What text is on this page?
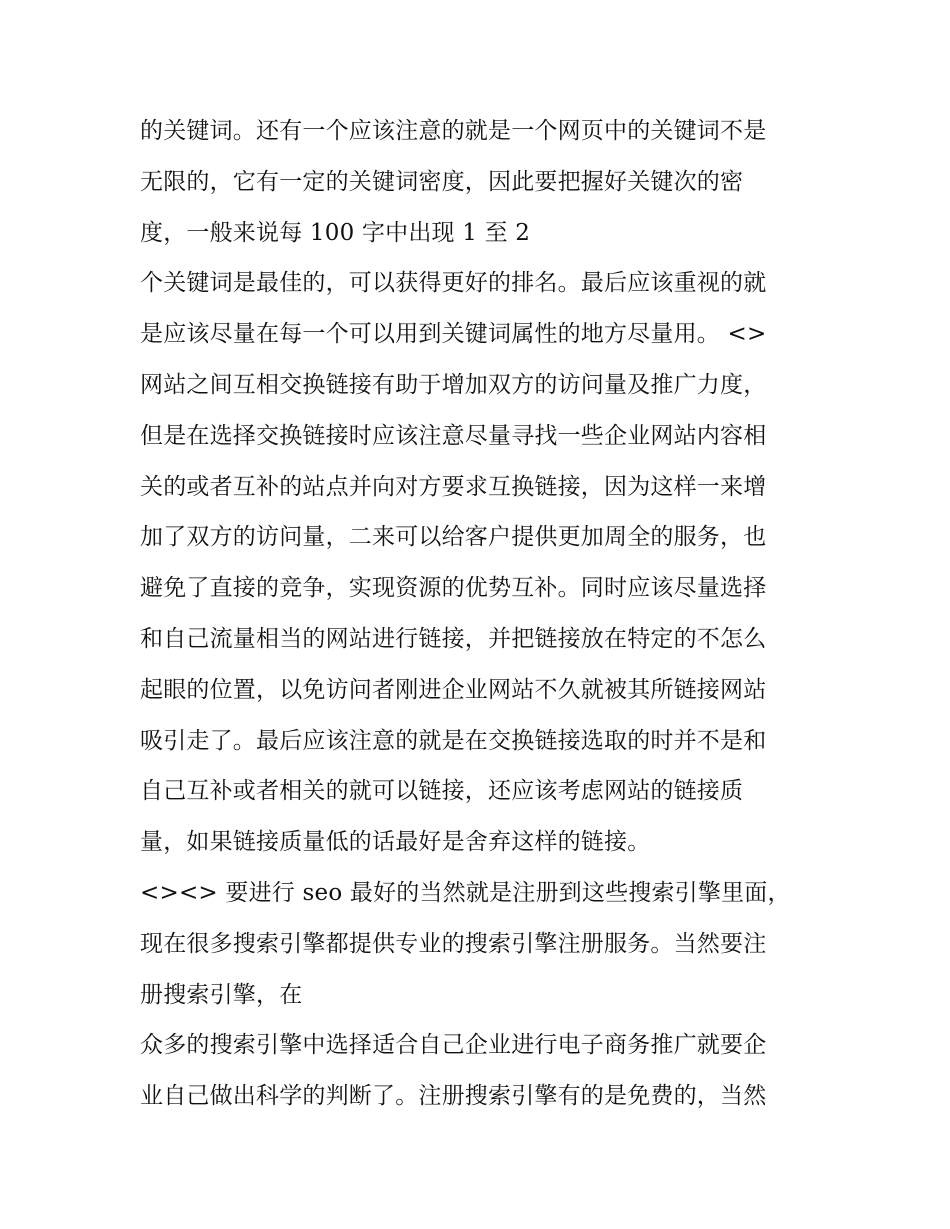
的关键词。还有一个应该注意的就是一个网页中的关键词不是
无限的，它有一定的关键词密度，因此要把握好关键次的密
度，一般来说每 100 字中出现 1 至 2
个关键词是最佳的，可以获得更好的排名。最后应该重视的就
是应该尽量在每一个可以用到关键词属性的地方尽量用。 <>
网站之间互相交换链接有助于增加双方的访问量及推广力度，
但是在选择交换链接时应该注意尽量寻找一些企业网站内容相
关的或者互补的站点并向对方要求互换链接，因为这样一来增
加了双方的访问量，二来可以给客户提供更加周全的服务，也
避免了直接的竞争，实现资源的优势互补。同时应该尽量选择
和自己流量相当的网站进行链接，并把链接放在特定的不怎么
起眼的位置，以免访问者刚进企业网站不久就被其所链接网站
吸引走了。最后应该注意的就是在交换链接选取的时并不是和
自己互补或者相关的就可以链接，还应该考虑网站的链接质
量，如果链接质量低的话最好是舍弃这样的链接。
<><> 要进行 seo 最好的当然就是注册到这些搜索引擎里面，
现在很多搜索引擎都提供专业的搜索引擎注册服务。当然要注
册搜索引擎，在
众多的搜索引擎中选择适合自己企业进行电子商务推广就要企
业自己做出科学的判断了。注册搜索引擎有的是免费的，当然
